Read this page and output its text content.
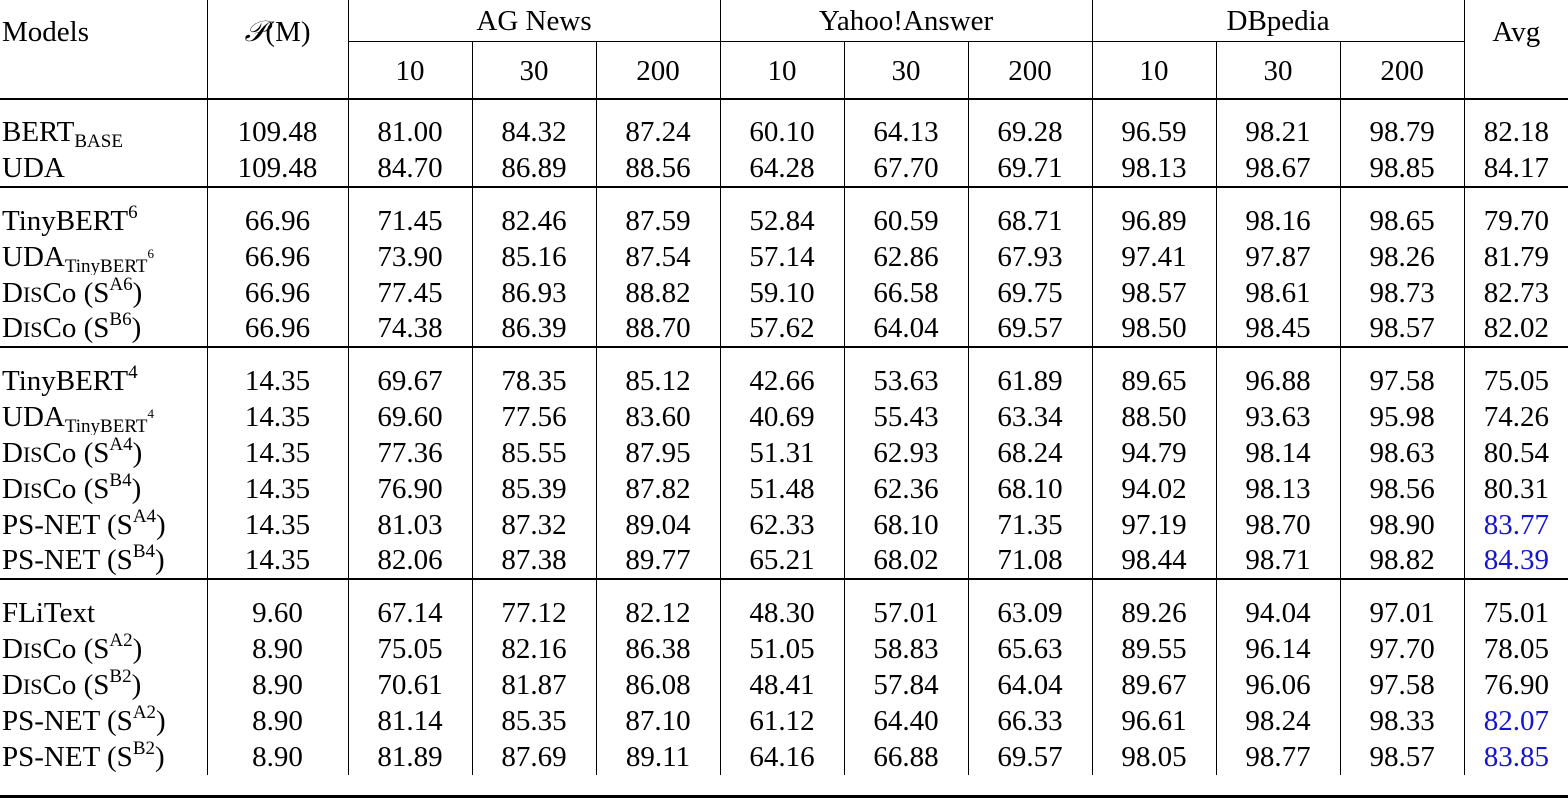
Models	𝒫(M)	AG News			Yahoo!Answer			DBpedia			Avg
		10	30	200	10	30	200	10	30	200	
$BERT_{BASE}$	109.48	81.00	84.32	87.24	60.10	64.13	69.28	96.59	98.21	98.79	82.18
UDA	109.48	84.70	86.89	88.56	64.28	67.70	69.71	98.13	98.67	98.85	84.17
TinyBERT$^6$	66.96	71.45	82.46	87.59	52.84	60.59	68.71	96.89	98.16	98.65	79.70
$UDA_{TinyBERT}^6$	66.96	73.90	85.16	87.54	57.14	62.86	67.93	97.41	97.87	98.26	81.79
DISCo $(S^{A6})$	66.96	77.45	86.93	88.82	59.10	66.58	69.75	98.57	98.61	98.73	82.73
DISCo $(S^{B6})$	66.96	74.38	86.39	88.70	57.62	64.04	69.57	98.50	98.45	98.57	82.02
TinyBERT$^4$	14.35	69.67	78.35	85.12	42.66	53.63	61.89	89.65	96.88	97.58	75.05
$UDA_{TinyBERT}^4$	14.35	69.60	77.56	83.60	40.69	55.43	63.34	88.50	93.63	95.98	74.26
DISCo $(S^{A4})$	14.35	77.36	85.55	87.95	51.31	62.93	68.24	94.79	98.14	98.63	80.54
DISCo $(S^{B4})$	14.35	76.90	85.39	87.82	51.48	62.36	68.10	94.02	98.13	98.56	80.31
PS-NET $(S^{A4})$	14.35	81.03	87.32	89.04	62.33	68.10	71.35	97.19	98.70	98.90	83.77
PS-NET $(S^{B4})$	14.35	82.06	87.38	89.77	65.21	68.02	71.08	98.44	98.71	98.82	84.39
FLiText	9.60	67.14	77.12	82.12	48.30	57.01	63.09	89.26	94.04	97.01	75.01
DISCo $(S^{A2})$	8.90	75.05	82.16	86.38	51.05	58.83	65.63	89.55	96.14	97.70	78.05
DISCo $(S^{B2})$	8.90	70.61	81.87	86.08	48.41	57.84	64.04	89.67	96.06	97.58	76.90
PS-NET $(S^{A2})$	8.90	81.14	85.35	87.10	61.12	64.40	66.33	96.61	98.24	98.33	82.07
PS-NET $(S^{B2})$	8.90	81.89	87.69	89.11	64.16	66.88	69.57	98.05	98.77	98.57	83.85
